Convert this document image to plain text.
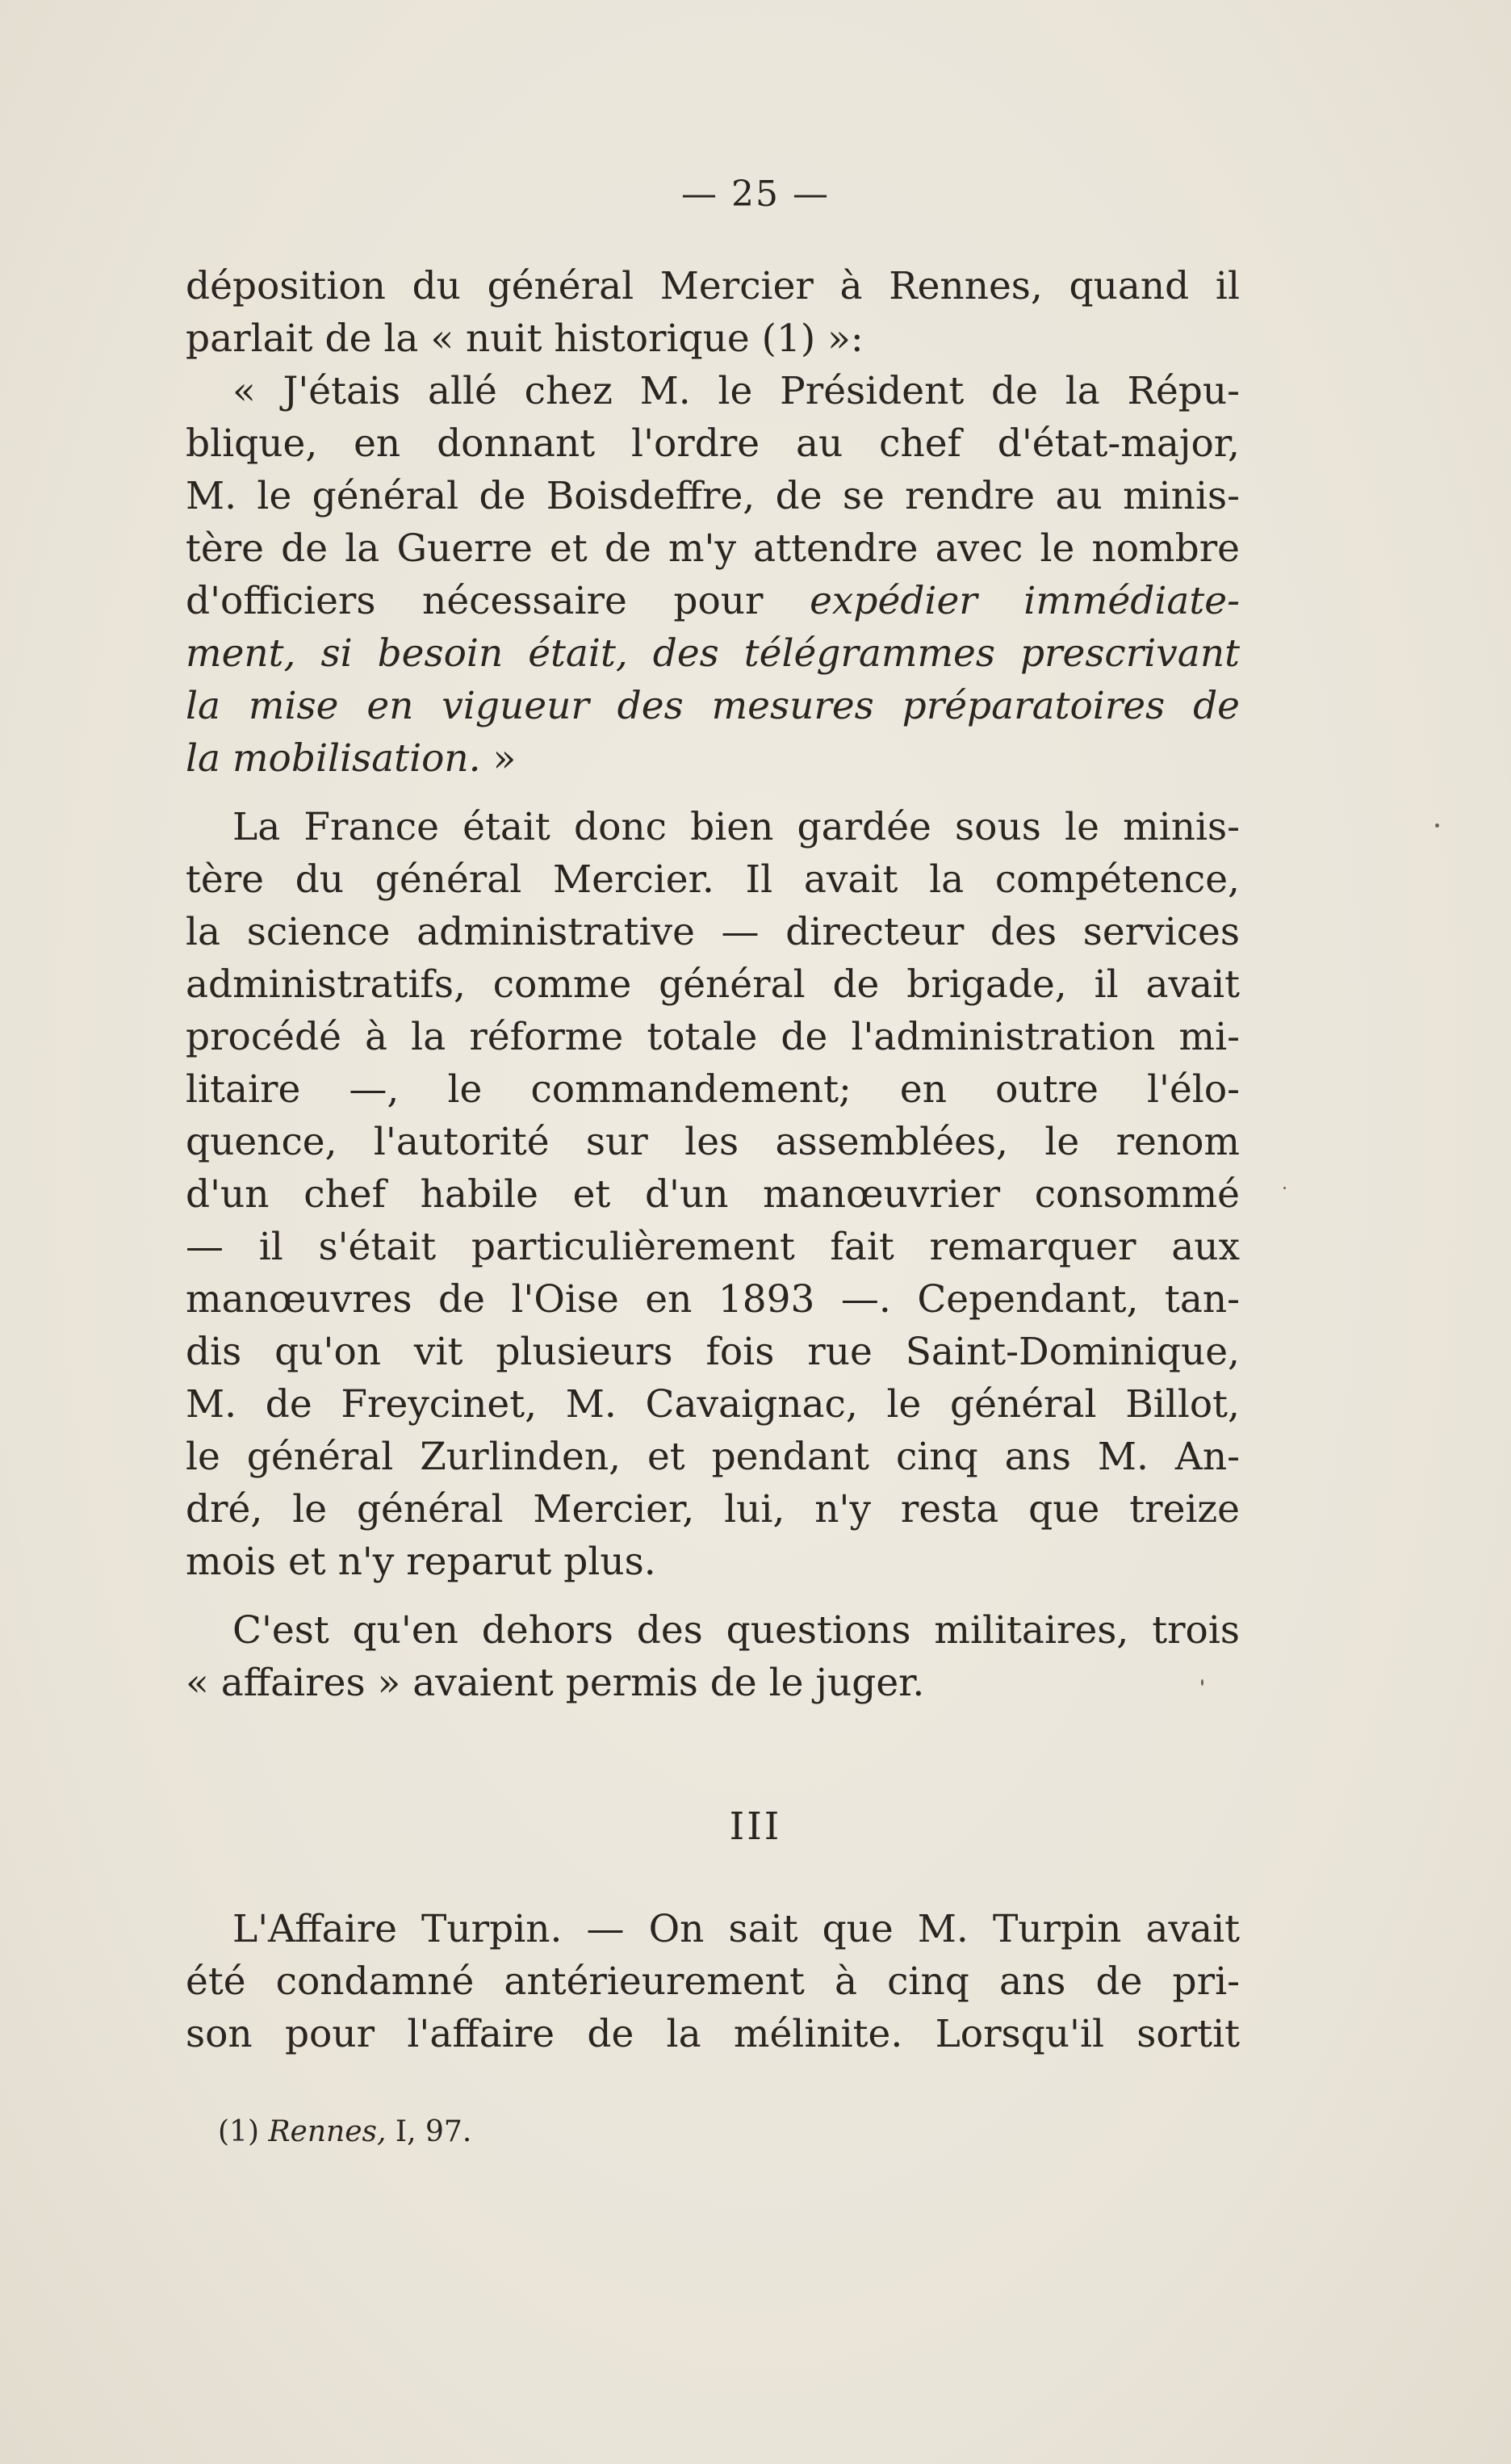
— 25 —
déposition du général Mercier à Rennes, quand il
parlait de la « nuit historique (1) »:
« J'étais allé chez M. le Président de la Répu-
blique, en donnant l'ordre au chef d'état-major,
M. le général de Boisdeffre, de se rendre au minis-
tère de la Guerre et de m'y attendre avec le nombre
d'officiers nécessaire pour expédier immédiate-
ment, si besoin était, des télégrammes prescrivant
la mise en vigueur des mesures préparatoires de
la mobilisation. »
La France était donc bien gardée sous le minis-
tère du général Mercier. Il avait la compétence,
la science administrative — directeur des services
administratifs, comme général de brigade, il avait
procédé à la réforme totale de l'administration mi-
litaire —, le commandement; en outre l'élo-
quence, l'autorité sur les assemblées, le renom
d'un chef habile et d'un manœuvrier consommé
— il s'était particulièrement fait remarquer aux
manœuvres de l'Oise en 1893 —. Cependant, tan-
dis qu'on vit plusieurs fois rue Saint-Dominique,
M. de Freycinet, M. Cavaignac, le général Billot,
le général Zurlinden, et pendant cinq ans M. An-
dré, le général Mercier, lui, n'y resta que treize
mois et n'y reparut plus.
C'est qu'en dehors des questions militaires, trois
« affaires » avaient permis de le juger.
III
L'Affaire Turpin. — On sait que M. Turpin avait
été condamné antérieurement à cinq ans de pri-
son pour l'affaire de la mélinite. Lorsqu'il sortit
(1) Rennes, I, 97.
